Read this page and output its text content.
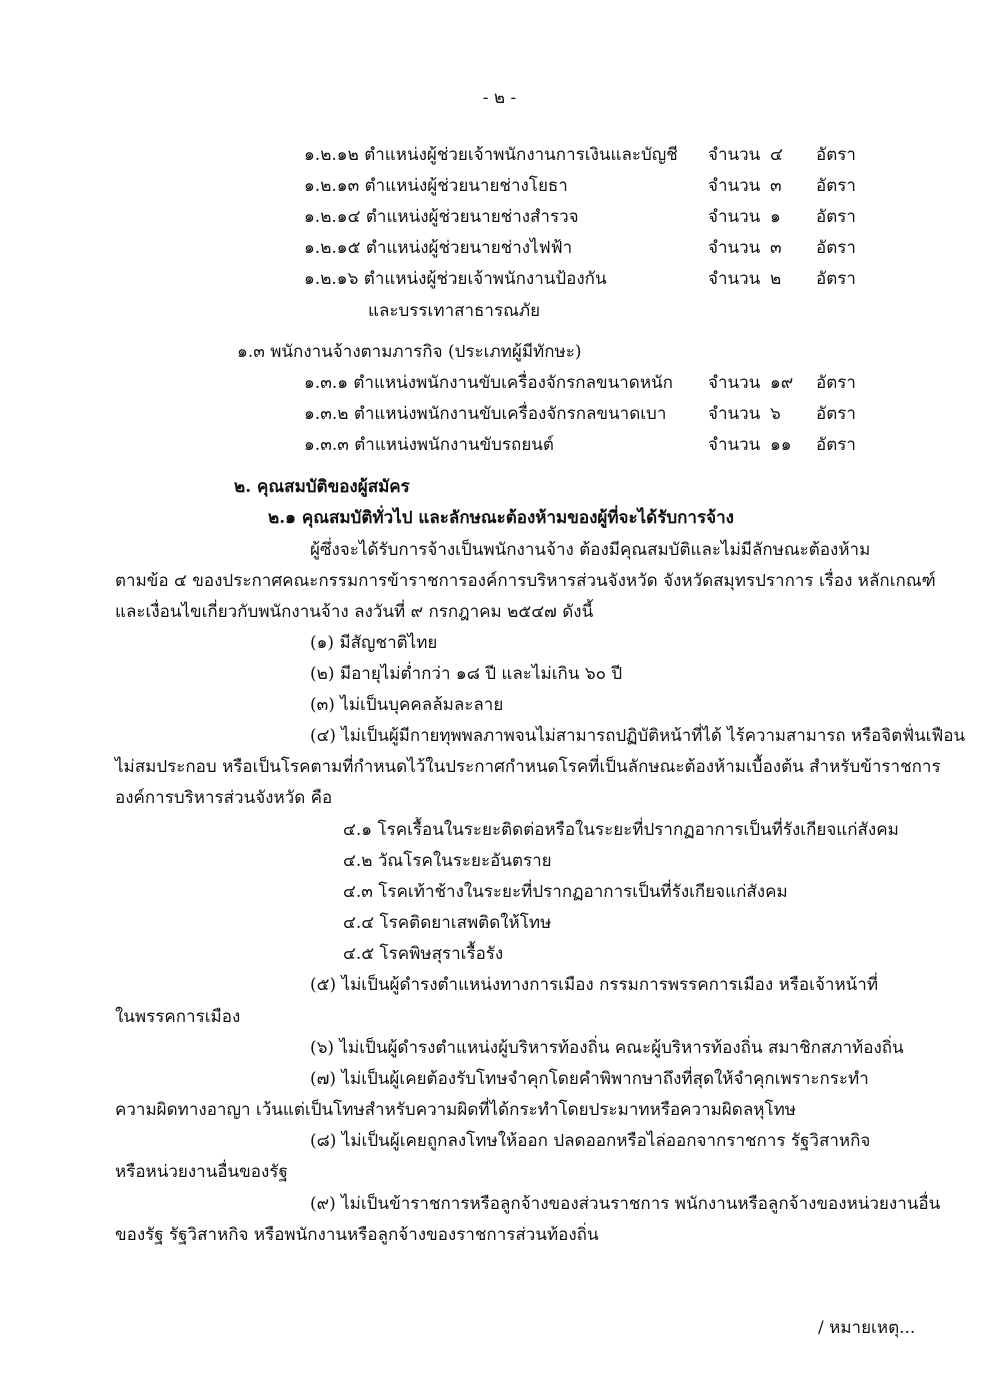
- ๒ -
๑.๒.๑๒ ตำแหน่งผู้ช่วยเจ้าพนักงานการเงินและบัญชี จำนวน ๔ อัตรา
๑.๒.๑๓ ตำแหน่งผู้ช่วยนายช่างโยธา	จำนวน ๓ อัตรา
๑.๒.๑๔ ตำแหน่งผู้ช่วยนายช่างสำรวจ	จำนวน ๑ อัตรา
๑.๒.๑๕ ตำแหน่งผู้ช่วยนายช่างไฟฟ้า	จำนวน ๓ อัตรา
๑.๒.๑๖ ตำแหน่งผู้ช่วยเจ้าพนักงานป้องกัน	จำนวน ๒ อัตรา
และบรรเทาสาธารณภัย
๑.๓ พนักงานจ้างตามภารกิจ (ประเภทผู้มีทักษะ)
๑.๓.๑ ตำแหน่งพนักงานขับเครื่องจักรกลขนาดหนัก จำนวน ๑๙ อัตรา
๑.๓.๒ ตำแหน่งพนักงานขับเครื่องจักรกลขนาดเบา จำนวน ๖ อัตรา
๑.๓.๓ ตำแหน่งพนักงานขับรถยนต์	จำนวน ๑๑ อัตรา
๒. คุณสมบัติของผู้สมัคร
๒.๑ คุณสมบัติทั่วไป และลักษณะต้องห้ามของผู้ที่จะได้รับการจ้าง
ผู้ซึ่งจะได้รับการจ้างเป็นพนักงานจ้าง ต้องมีคุณสมบัติและไม่มีลักษณะต้องห้าม
ตามข้อ ๔ ของประกาศคณะกรรมการข้าราชการองค์การบริหารส่วนจังหวัด จังหวัดสมุทรปราการ เรื่อง หลักเกณฑ์
และเงื่อนไขเกี่ยวกับพนักงานจ้าง ลงวันที่ ๙ กรกฎาคม ๒๕๔๗ ดังนี้
(๑) มีสัญชาติไทย
(๒) มีอายุไม่ต่ำกว่า ๑๘ ปี และไม่เกิน ๖๐ ปี
(๓) ไม่เป็นบุคคลล้มละลาย
(๔) ไม่เป็นผู้มีกายทุพพลภาพจนไม่สามารถปฏิบัติหน้าที่ได้ ไร้ความสามารถ หรือจิตฟั่นเฟือน
ไม่สมประกอบ หรือเป็นโรคตามที่กำหนดไว้ในประกาศกำหนดโรคที่เป็นลักษณะต้องห้ามเบื้องต้น สำหรับข้าราชการ
องค์การบริหารส่วนจังหวัด คือ
๔.๑ โรคเรื้อนในระยะติดต่อหรือในระยะที่ปรากฏอาการเป็นที่รังเกียจแก่สังคม
๔.๒ วัณโรคในระยะอันตราย
๔.๓ โรคเท้าช้างในระยะที่ปรากฏอาการเป็นที่รังเกียจแก่สังคม
๔.๔ โรคติดยาเสพติดให้โทษ
๔.๕ โรคพิษสุราเรื้อรัง
(๕) ไม่เป็นผู้ดำรงตำแหน่งทางการเมือง กรรมการพรรคการเมือง หรือเจ้าหน้าที่
ในพรรคการเมือง
(๖) ไม่เป็นผู้ดำรงตำแหน่งผู้บริหารท้องถิ่น คณะผู้บริหารท้องถิ่น สมาชิกสภาท้องถิ่น
(๗) ไม่เป็นผู้เคยต้องรับโทษจำคุกโดยคำพิพากษาถึงที่สุดให้จำคุกเพราะกระทำ
ความผิดทางอาญา เว้นแต่เป็นโทษสำหรับความผิดที่ได้กระทำโดยประมาทหรือความผิดลหุโทษ
(๘) ไม่เป็นผู้เคยถูกลงโทษให้ออก ปลดออกหรือไล่ออกจากราชการ รัฐวิสาหกิจ
หรือหน่วยงานอื่นของรัฐ
(๙) ไม่เป็นข้าราชการหรือลูกจ้างของส่วนราชการ พนักงานหรือลูกจ้างของหน่วยงานอื่น
ของรัฐ รัฐวิสาหกิจ หรือพนักงานหรือลูกจ้างของราชการส่วนท้องถิ่น
/ หมายเหตุ...
